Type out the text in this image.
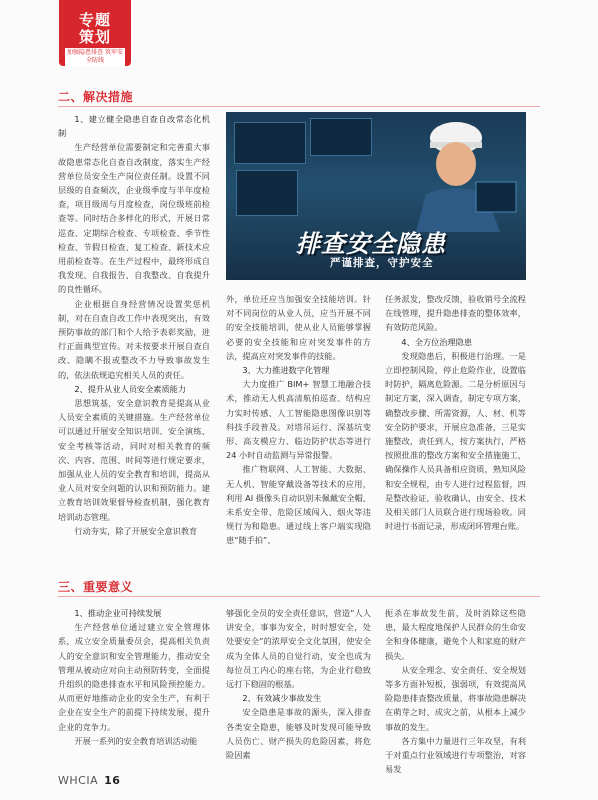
专题
策划
加强隐患排查 筑牢安全防线
二、解决措施

1、建立健全隐患自查自改常态化机制

生产经营单位需要制定和完善重大事故隐患常态化自查自改制度，落实生产经营单位员安全生产岗位责任制。设置不同层级的自查频次，企业级季度与半年度检查，项目级周与月度检查，岗位级班前检查等。同时结合多样化的形式，开展日常巡查、定期综合检查、专项检查、季节性检查、节假日检查、复工检查、新技术应用前检查等。在生产过程中，最终形成自我发现、自我报告、自我整改、自我提升的良性循环。

企业根据自身经营情况设置奖惩机制，对在自查自改工作中表现突出，有效预防事故的部门和个人给予表彰奖励，进行正面典型宣传。对未按要求开展自查自改、隐瞒不报或整改不力导致事故发生的，依法依规追究相关人员的责任。

2、提升从业人员安全素质能力

思想筑基，安全意识教育是提高从业人员安全素质的关键措施。生产经营单位可以通过开展安全知识培训、安全演练、安全考核等活动，同时对相关教育的频次、内容、范围、时间等进行规定要求，加强从业人员的安全教育和培训，提高从业人员对安全问题的认识和预防能力。建立教育培训效果督导检查机制，强化教育培训动态管理。

行动夯实，除了开展安全意识教育

排查安全隐患
严谨排查，守护安全

外，单位还应当加强安全技能培训。针对不同岗位的从业人员，应当开展不同的安全技能培训，使从业人员能够掌握必要的安全技能和应对突发事件的方法，提高应对突发事件的技能。

3、大力推进数字化管理

大力度推广 BIM+ 智慧工地融合技术，推动无人机高清航拍巡查、结构应力实时传感、人工智能隐患图像识别等科技手段普及。对塔吊运行、深基坑变形、高支模应力、临边防护状态等进行 24 小时自动监测与异常报警。

推广物联网、人工智能、大数据、无人机、智能穿戴设备等技术的应用，利用 AI 摄像头自动识别未佩戴安全帽、未系安全带、危险区域闯入、烟火等违规行为和隐患。通过线上客户端实现隐患“随手拍”、

任务派发，整改反馈，验收销号全流程在线管理，提升隐患排查的整体效率，有效防范风险。

4、全方位治理隐患

发现隐患后，积极进行治理。一是立即控制风险，停止危险作业，设置临时防护，隔离危险源。二是分析原因与制定方案，深入调查，制定专项方案，确整改步骤、所需资源，人、材、机等安全防护要求，开展应急准备，三是实施整改，责任到人，按方案执行，严格按照批准的整改方案和安全措施施工，确保操作人员具备相应资质，熟知风险和安全规程，由专人进行过程监督，四是整改验证，验收确认，由安全、技术及相关部门人员联合进行现场验收。同时进行书面记录，形成闭环管理台账。

三、重要意义

1、推动企业可持续发展

生产经营单位通过建立安全管理体系，成立安全质量委员会，提高相关负责人的安全意识和安全管理能力，推动安全管理从被动应对向主动预防转变，全面提升组织的隐患排查水平和风险预控能力。从而更好地推动企业的安全生产，有利于企业在安全生产的前提下持续发展，提升企业的竞争力。

开展一系列的安全教育培训活动能

够强化全员的安全责任意识，营造“人人讲安全，事事为安全，时时想安全，处处要安全”的浓厚安全文化氛围，使安全成为全体人员的自觉行动，安全也成为每位员工内心的座右铭，为企业行稳致远打下稳固的根基。

2、有效减少事故发生

安全隐患是事故的源头，深入排查各类安全隐患，能够及时发现可能导致人员伤亡、财产损失的危险因素，将危险因素

扼杀在事故发生前，及时消除这些隐患，最大程度地保护人民群众的生命安全和身体健康，避免个人和家庭的财产损失。

从安全理念、安全责任、安全规划等多方面补短板，强弱项，有效提高风险隐患排查整改质量，将事故隐患解决在萌芽之时、成灾之前，从根本上减少事故的发生。

各方集中力量进行三年攻坚，有利于对重点行业领域进行专项整治，对容易发

WHCIA 16
